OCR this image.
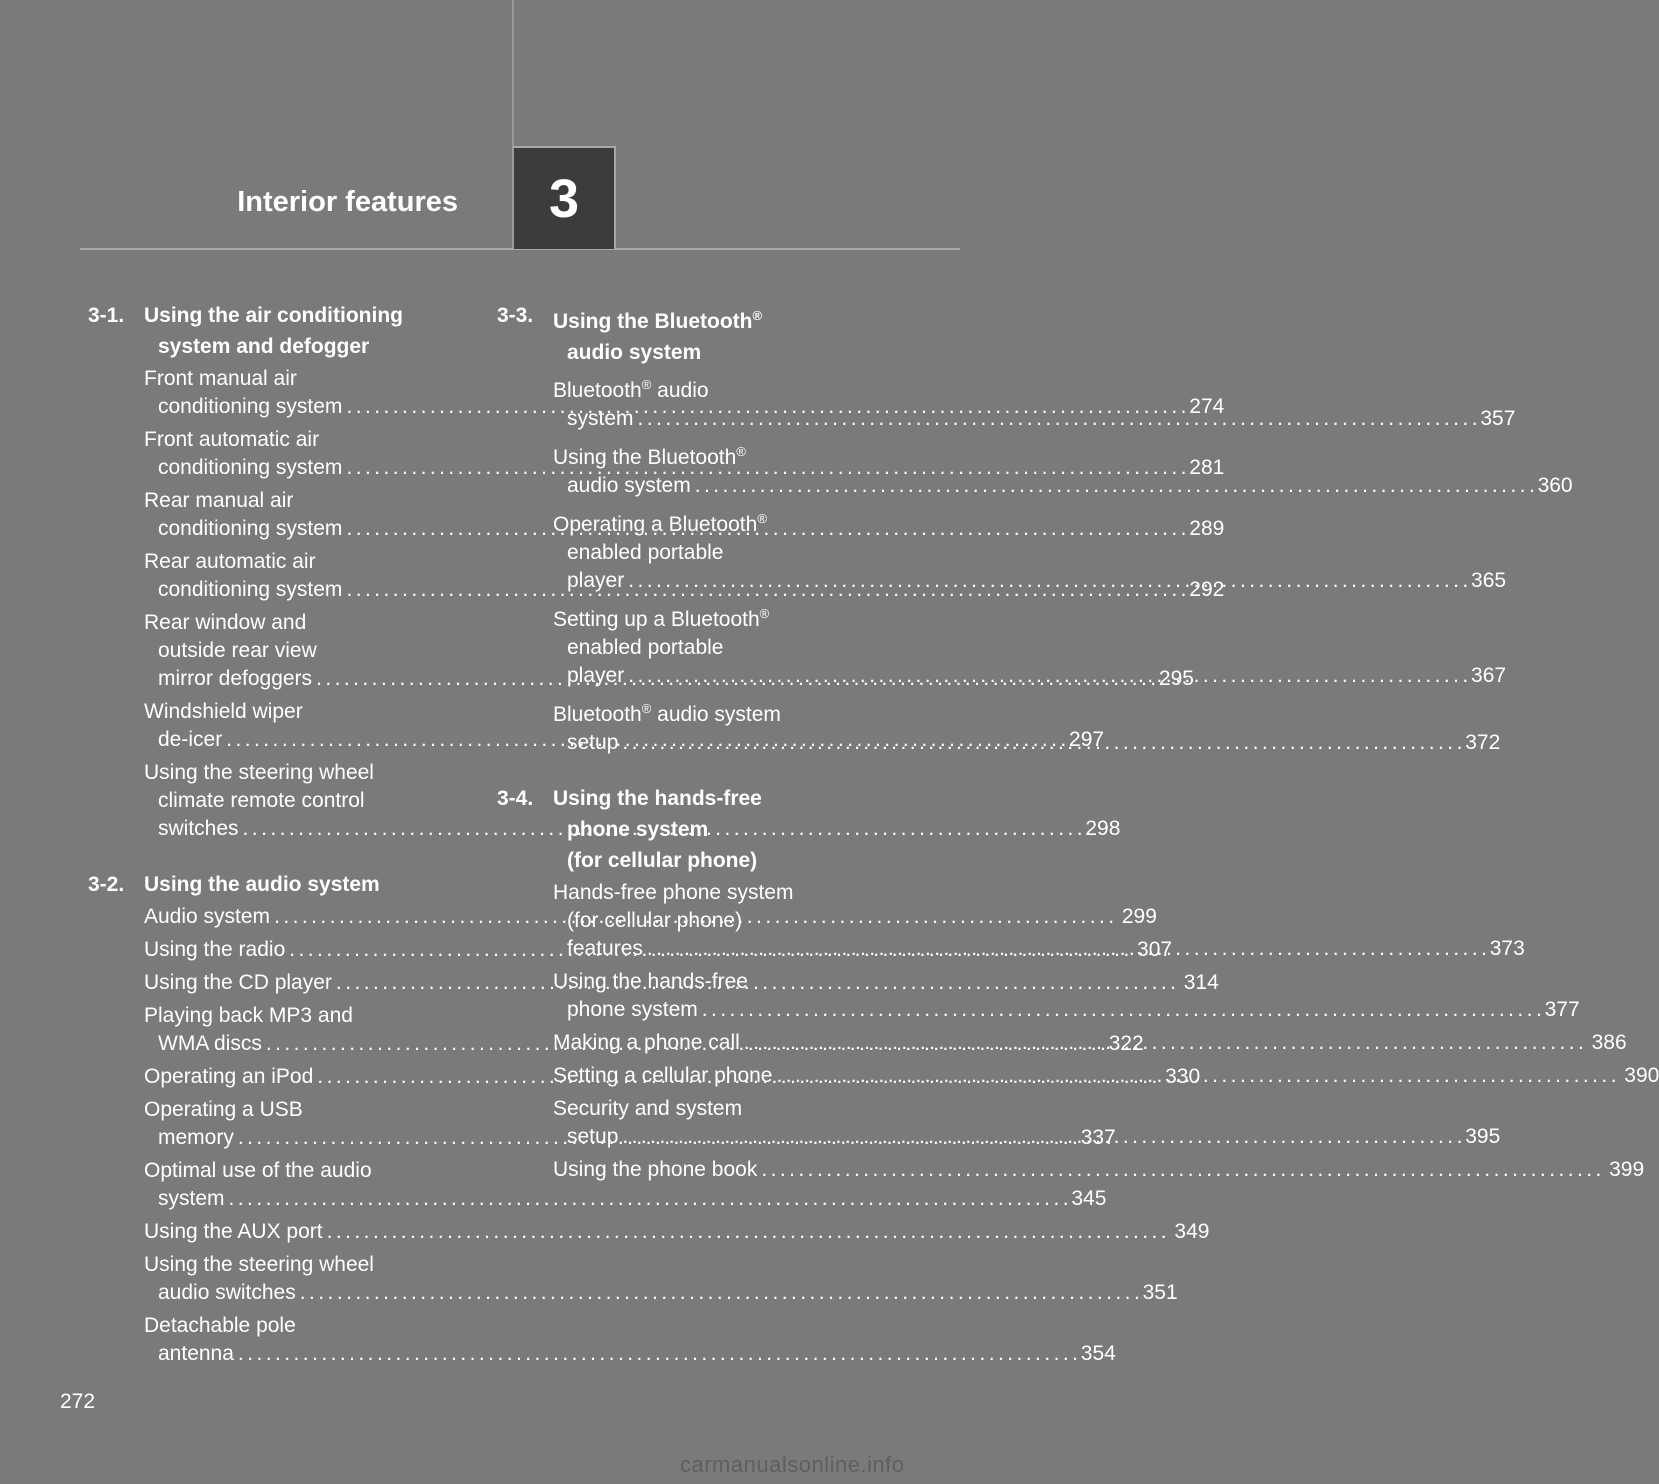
Interior features	3
3-1. Using the air conditioning
system and defogger
Front manual air
conditioning system . . .	274
Front automatic air
conditioning system . . .	281
Rear manual air
conditioning system . . .	289
Rear automatic air
conditioning system . . .	292
Rear window and
outside rear view
mirror defoggers . . .	295
Windshield wiper
de-icer . . .	297
Using the steering wheel
climate remote control
switches . . .	298
3-2. Using the audio system
Audio system . . .	299
Using the radio . . .	307
Using the CD player . . .	314
Playing back MP3 and
WMA discs . . .	322
Operating an iPod . . .	330
Operating a USB
memory . . .	337
Optimal use of the audio
system . . .	345
Using the AUX port . . .	349
Using the steering wheel
audio switches . . .	351
Detachable pole
antenna . . .	354
3-3. Using the Bluetooth®
audio system
Bluetooth® audio
system . . .	357
Using the Bluetooth®
audio system . . .	360
Operating a Bluetooth®
enabled portable
player . . .	365
Setting up a Bluetooth®
enabled portable
player . . .	367
Bluetooth® audio system
setup . . .	372
3-4. Using the hands-free
phone system
(for cellular phone)
Hands-free phone system
(for cellular phone)
features . . .	373
Using the hands-free
phone system . . .	377
Making a phone call . . .	386
Setting a cellular phone . . .	390
Security and system
setup . . .	395
Using the phone book . . .	399
272
carmanualsonline.info
